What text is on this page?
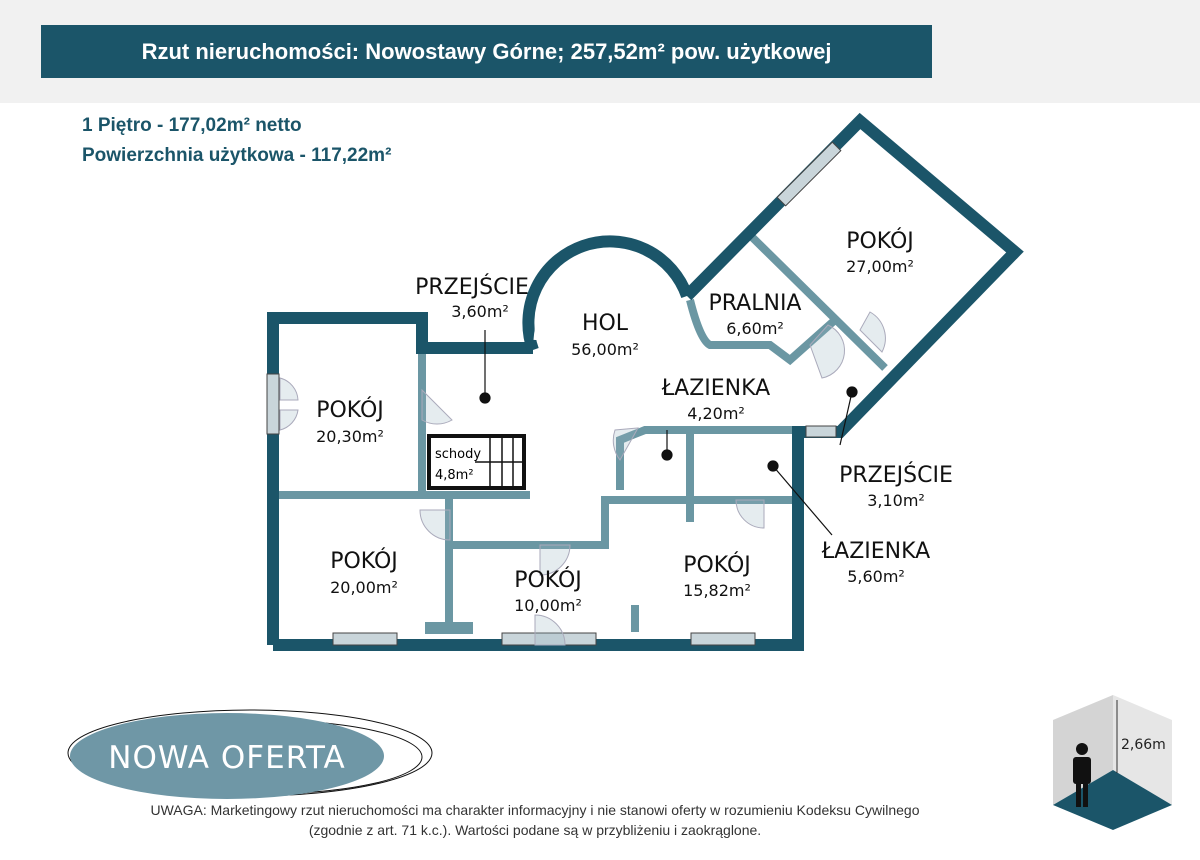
Rzut nieruchomości: Nowostawy Górne; 257,52m² pow. użytkowej
1 Piętro - 177,02m² netto
Powierzchnia użytkowa - 117,22m²
schody
4,8m²
POKÓJ
27,00m²
PRALNIA
6,60m²
HOL
56,00m²
PRZEJŚCIE
3,60m²
POKÓJ
20,30m²
ŁAZIENKA
4,20m²
PRZEJŚCIE
3,10m²
ŁAZIENKA
5,60m²
POKÓJ
20,00m²	POKÓJ
10,00m²
POKÓJ
15,82m²
NOWA OFERTA	2,66m
UWAGA: Marketingowy rzut nieruchomości ma charakter informacyjny i nie stanowi oferty w rozumieniu Kodeksu Cywilnego
(zgodnie z art. 71 k.c.). Wartości podane są w przybliżeniu i zaokrąglone.
